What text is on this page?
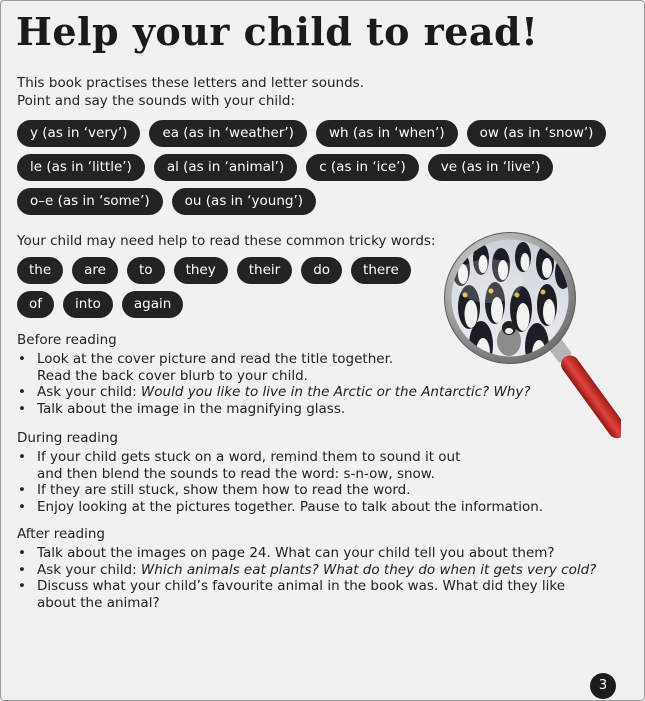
Help your child to read!
This book practises these letters and letter sounds.
Point and say the sounds with your child:
y (as in ‘very’)	ea (as in ‘weather’)	wh (as in ‘when’)	ow (as in ‘snow’)
le (as in ‘little’)	al (as in ‘animal’)	c (as in ‘ice’)	ve (as in ‘live’)
o–e (as in ‘some’)	ou (as in ‘young’)
Your child may need help to read these common tricky words:
the	are	to	they	their	do	there
of	into	again
Before reading
• Look at the cover picture and read the title together.
Read the back cover blurb to your child.
• Ask your child: Would you like to live in the Arctic or the Antarctic? Why?
• Talk about the image in the magnifying glass.
During reading
• If your child gets stuck on a word, remind them to sound it out
and then blend the sounds to read the word: s-n-ow, snow.
• If they are still stuck, show them how to read the word.
• Enjoy looking at the pictures together. Pause to talk about the information.
After reading
• Talk about the images on page 24. What can your child tell you about them?
• Ask your child: Which animals eat plants? What do they do when it gets very cold?
• Discuss what your child’s favourite animal in the book was. What did they like
about the animal?
3
